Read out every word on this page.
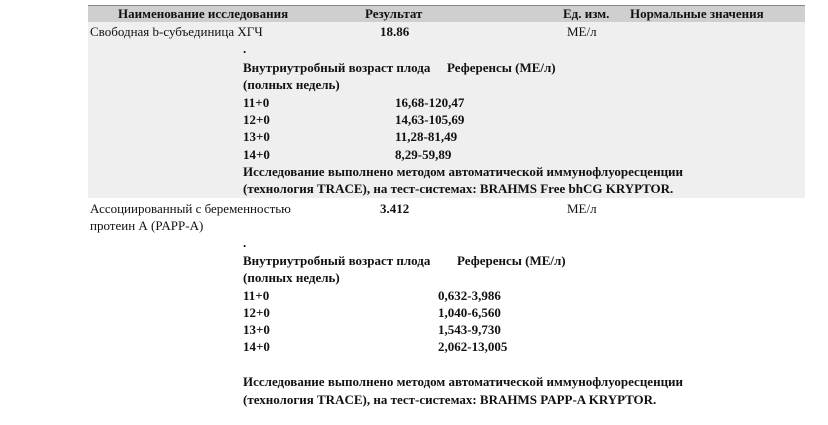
Наименование исследования	Результат	Ед. изм. Нормальные значения
Свободная b-субъединица ХГЧ	18.86	МЕ/л
.
Внутриутробный возраст плода Референсы (МЕ/л)
(полных недель)
11+0	16,68-120,47
12+0	14,63-105,69
13+0	11,28-81,49
14+0	8,29-59,89
Исследование выполнено методом автоматической иммунофлуоресценции
(технология TRACE), на тест-системах: BRAHMS Free bhCG KRYPTOR.
Ассоциированный с беременностью
протеин А (PAPP-A)
3.412	МЕ/л
.
Внутриутробный возраст плода Референсы (МЕ/л)
(полных недель)
11+0	0,632-3,986
12+0	1,040-6,560
13+0	1,543-9,730
14+0	2,062-13,005
Исследование выполнено методом автоматической иммунофлуоресценции
(технология TRACE), на тест-системах: BRAHMS PAPP-A KRYPTOR.
